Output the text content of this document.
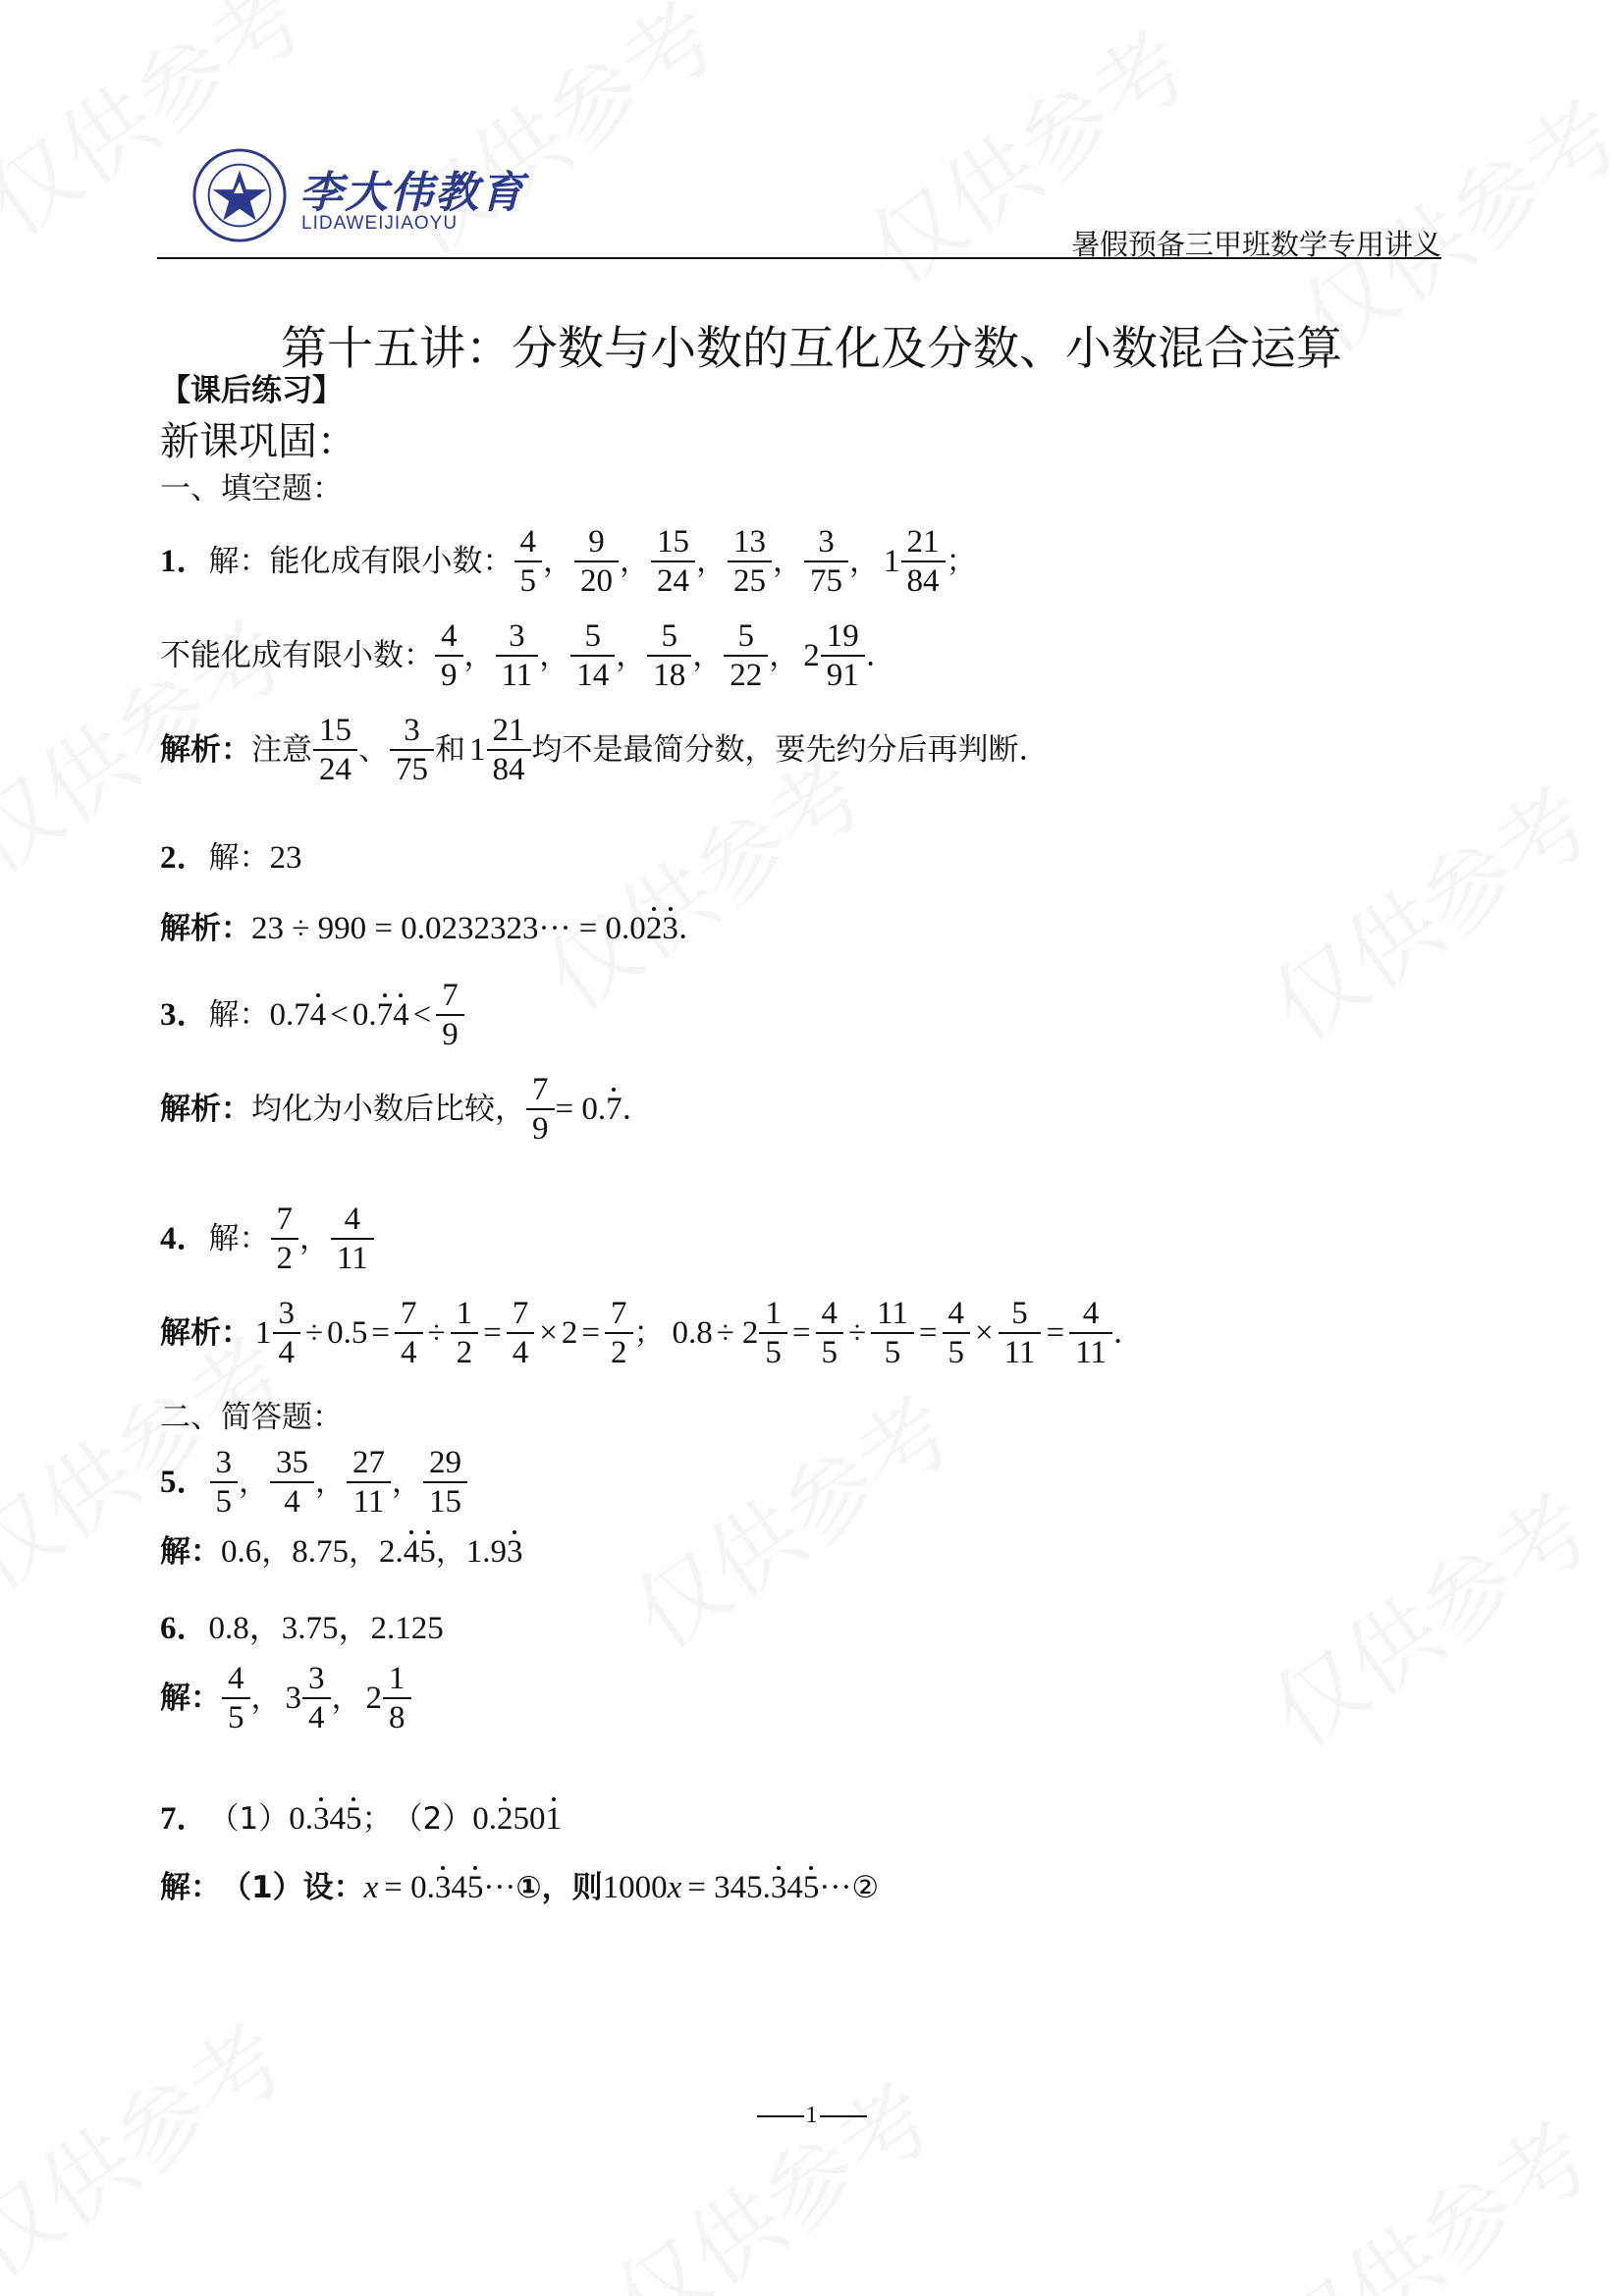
李大伟教育
LIDAWEIJIAOYU
暑假预备三甲班数学专用讲义
第十五讲：分数与小数的互化及分数、小数混合运算
【课后练习】
新课巩固：
一、填空题：
1． 解： 能化成有限小数： $\frac{4}{5}$ ， $\frac{9}{20}$ ， $\frac{15}{24}$ ， $\frac{13}{25}$ ， $\frac{3}{75}$ ， $1 \frac{21}{84}$ ；
不能化成有限小数： $\frac{4}{9}$ ， $\frac{3}{11}$ ， $\frac{5}{14}$ ， $\frac{5}{18}$ ， $\frac{5}{22}$ ， $2 \frac{19}{91}$ ．
解析： 注意 $\frac{15}{24}$ 、 $\frac{3}{75}$ 和 $1 \frac{21}{84}$ 均不是最简分数，要先约分后再判断．
2． 解： 23
解析： 23 ÷ 990 = 0.0232323··· = 0.0 2 3 ．
3． 解： 0.7 4 < 0. 7 $4 < \frac{7}{9}$
解析： 均化为小数后比较， $\frac{7}{9} = 0$. 7 ．
4． 解： $\frac{7}{2}$ ， $\frac{4}{11}$
解析： $1 \frac{3}{4} \div 0.5 = \frac{7}{4} \div \frac{1}{2} = \frac{7}{4} \times 2 = \frac{7}{2}$ ； $0.8 \div 2 \frac{1}{5} = \frac{4}{5} \div \frac{11}{5} = \frac{4}{5} \times \frac{5}{11} = \frac{4}{11}$ ．
二、简答题：
5． $\frac{3}{5}$ ， $\frac{35}{4}$ ， $\frac{27}{11}$ ， $\frac{29}{15}$
解： 0.6 ， 8.75 ， 2. 4 5 ， 1.9 3
6． 0.8，3.75，2.125
解： $\frac{4}{5}$ ， $3 \frac{3}{4}$ ， $2 \frac{1}{8}$
7． （1） 0. 3 4 5 ； （2） 0. 2 50 1
解： （1）设： x = 0. 3 4 5 ··· ①，则 1000 x = 345. 3 4 5 ··· ②
1
